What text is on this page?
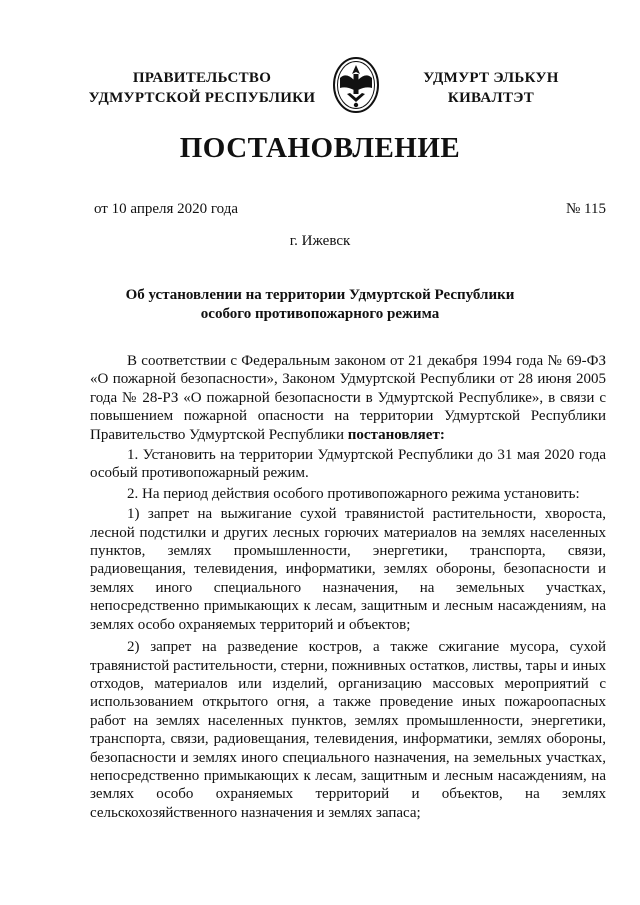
ПРАВИТЕЛЬСТВО
УДМУРТСКОЙ РЕСПУБЛИКИ
УДМУРТ ЭЛЬКУН
КИВАЛТЭТ
ПОСТАНОВЛЕНИЕ
от 10 апреля 2020 года	№ 115
г. Ижевск
Об установлении на территории Удмуртской Республики
особого противопожарного режима

В соответствии с Федеральным законом от 21 декабря 1994 года № 69-ФЗ «О пожарной безопасности», Законом Удмуртской Республики от 28 июня 2005 года № 28-РЗ «О пожарной безопасности в Удмуртской Республике», в связи с повышением пожарной опасности на территории Удмуртской Республики Правительство Удмуртской Республики постановляет:

1. Установить на территории Удмуртской Республики до 31 мая 2020 года особый противопожарный режим.

2. На период действия особого противопожарного режима установить:

1) запрет на выжигание сухой травянистой растительности, хвороста, лесной подстилки и других лесных горючих материалов на землях населенных пунктов, землях промышленности, энергетики, транспорта, связи, радиовещания, телевидения, информатики, землях обороны, безопасности и землях иного специального назначения, на земельных участках, непосредственно примыкающих к лесам, защитным и лесным насаждениям, на землях особо охраняемых территорий и объектов;

2) запрет на разведение костров, а также сжигание мусора, сухой травянистой растительности, стерни, пожнивных остатков, листвы, тары и иных отходов, материалов или изделий, организацию массовых мероприятий с использованием открытого огня, а также проведение иных пожароопасных работ на землях населенных пунктов, землях промышленности, энергетики, транспорта, связи, радиовещания, телевидения, информатики, землях обороны, безопасности и землях иного специального назначения, на земельных участках, непосредственно примыкающих к лесам, защитным и лесным насаждениям, на землях особо охраняемых территорий и объектов, на землях сельскохозяйственного назначения и землях запаса;
